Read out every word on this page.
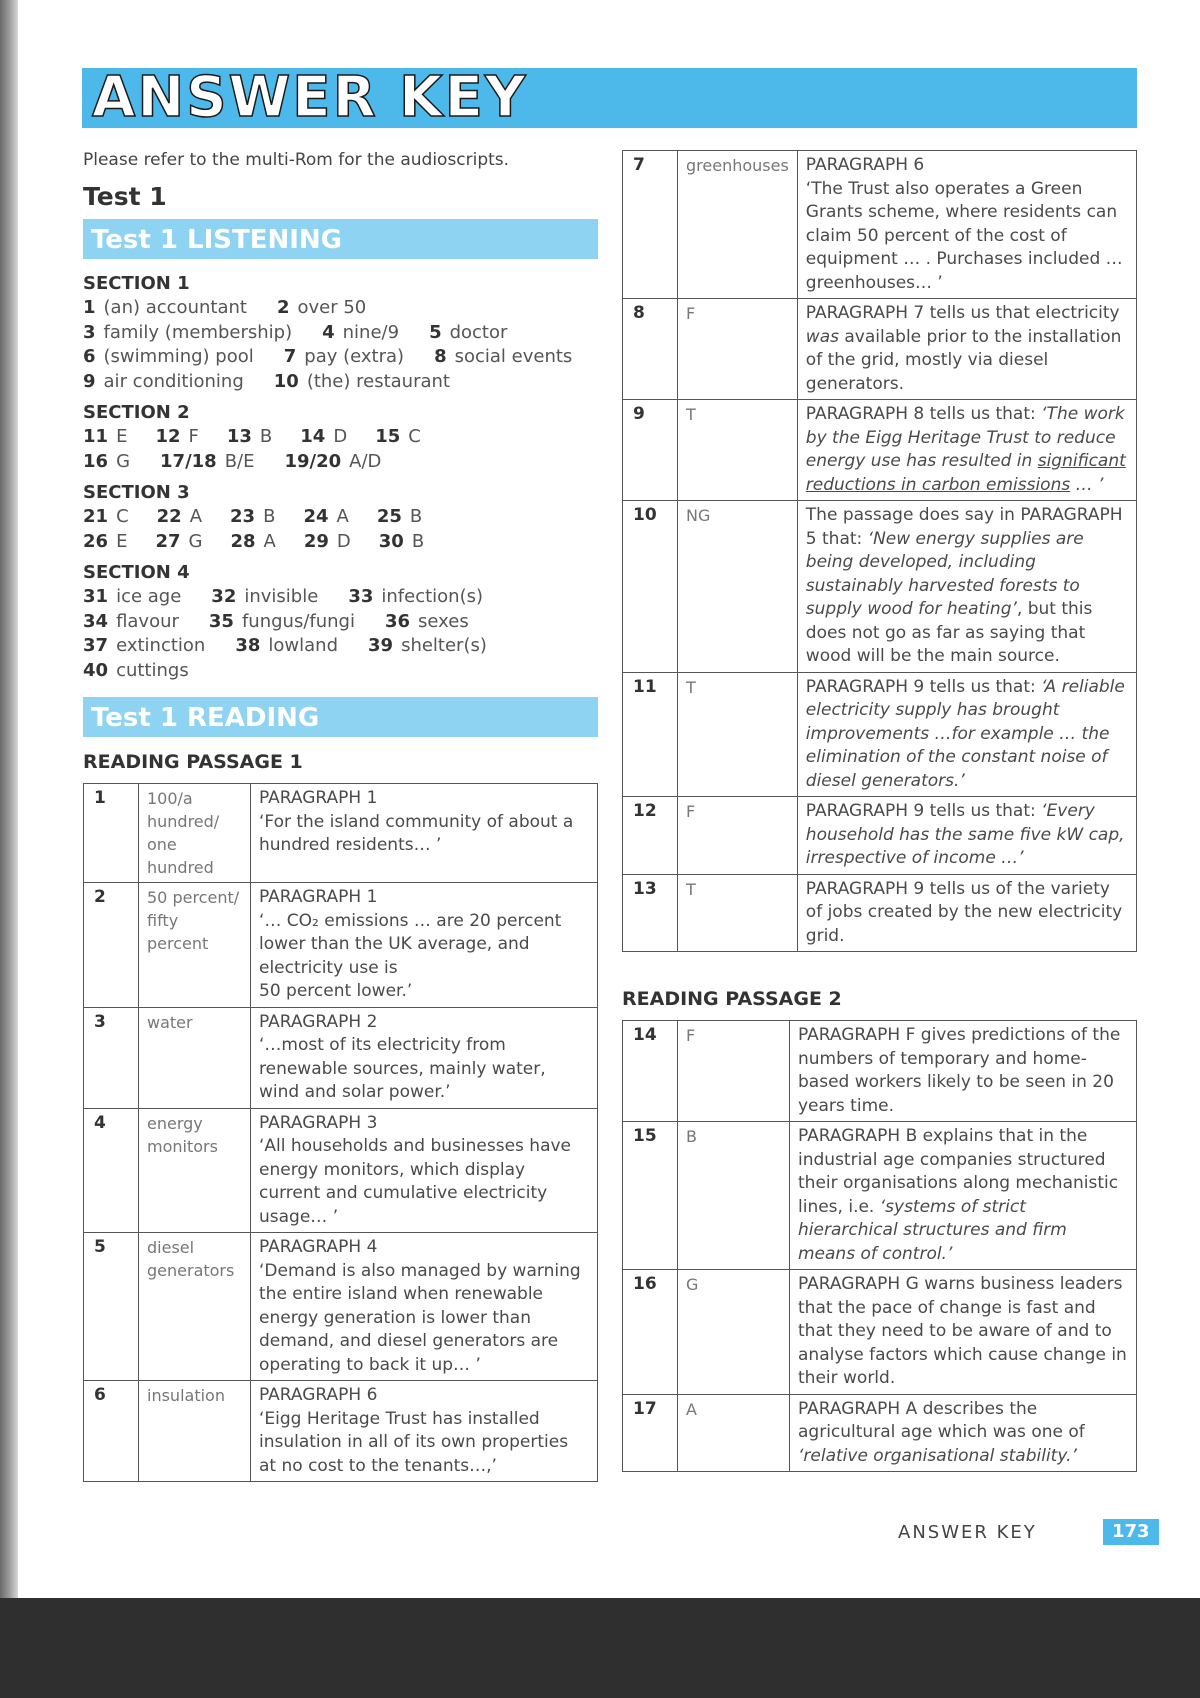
ANSWER KEY

Please refer to the multi-Rom for the audioscripts.

Test 1
Test 1 LISTENING
SECTION 1
1 (an) accountant 2 over 50
3 family (membership) 4 nine/9 5 doctor
6 (swimming) pool 7 pay (extra) 8 social events
9 air conditioning 10 (the) restaurant
SECTION 2
11 E 12 F 13 B 14 D 15 C
16 G 17/18 B/E 19/20 A/D
SECTION 3
21 C 22 A 23 B 24 A 25 B
26 E 27 G 28 A 29 D 30 B
SECTION 4
31 ice age 32 invisible 33 infection(s)
34 flavour 35 fungus/fungi 36 sexes
37 extinction 38 lowland 39 shelter(s)
40 cuttings
Test 1 READING
READING PASSAGE 1
1	100/a hundred/ one hundred	PARAGRAPH 1
‘For the island community of about a hundred residents… ’
2	50 percent/ fifty percent	PARAGRAPH 1
‘… CO₂ emissions … are 20 percent lower than the UK average, and electricity use is
50 percent lower.’
3	water	PARAGRAPH 2
‘…most of its electricity from renewable sources, mainly water, wind and solar power.’
4	energy monitors	PARAGRAPH 3
‘All households and businesses have energy monitors, which display current and cumulative electricity usage… ’
5	diesel generators	PARAGRAPH 4
‘Demand is also managed by warning the entire island when renewable energy generation is lower than demand, and diesel generators are operating to back it up… ’
6	insulation	PARAGRAPH 6
‘Eigg Heritage Trust has installed insulation in all of its own properties at no cost to the tenants…,’
7	greenhouses	PARAGRAPH 6
‘The Trust also operates a Green Grants scheme, where residents can claim 50 percent of the cost of equipment … . Purchases included … greenhouses… ’
8	F	PARAGRAPH 7 tells us that electricity was available prior to the installation of the grid, mostly via diesel generators.
9	T	PARAGRAPH 8 tells us that: ‘The work by the Eigg Heritage Trust to reduce energy use has resulted in significant reductions in carbon emissions … ’
10	NG	The passage does say in PARAGRAPH 5 that: ‘New energy supplies are being developed, including sustainably harvested forests to supply wood for heating’, but this does not go as far as saying that wood will be the main source.
11	T	PARAGRAPH 9 tells us that: ‘A reliable electricity supply has brought improvements …for example … the elimination of the constant noise of diesel generators.’
12	F	PARAGRAPH 9 tells us that: ‘Every household has the same five kW cap, irrespective of income …’
13	T	PARAGRAPH 9 tells us of the variety of jobs created by the new electricity grid.
READING PASSAGE 2
14	F	PARAGRAPH F gives predictions of the numbers of temporary and home-based workers likely to be seen in 20 years time.
15	B	PARAGRAPH B explains that in the industrial age companies structured their organisations along mechanistic lines, i.e. ‘systems of strict hierarchical structures and firm means of control.’
16	G	PARAGRAPH G warns business leaders that the pace of change is fast and that they need to be aware of and to analyse factors which cause change in their world.
17	A	PARAGRAPH A describes the agricultural age which was one of ‘relative organisational stability.’
ANSWER KEY	173
